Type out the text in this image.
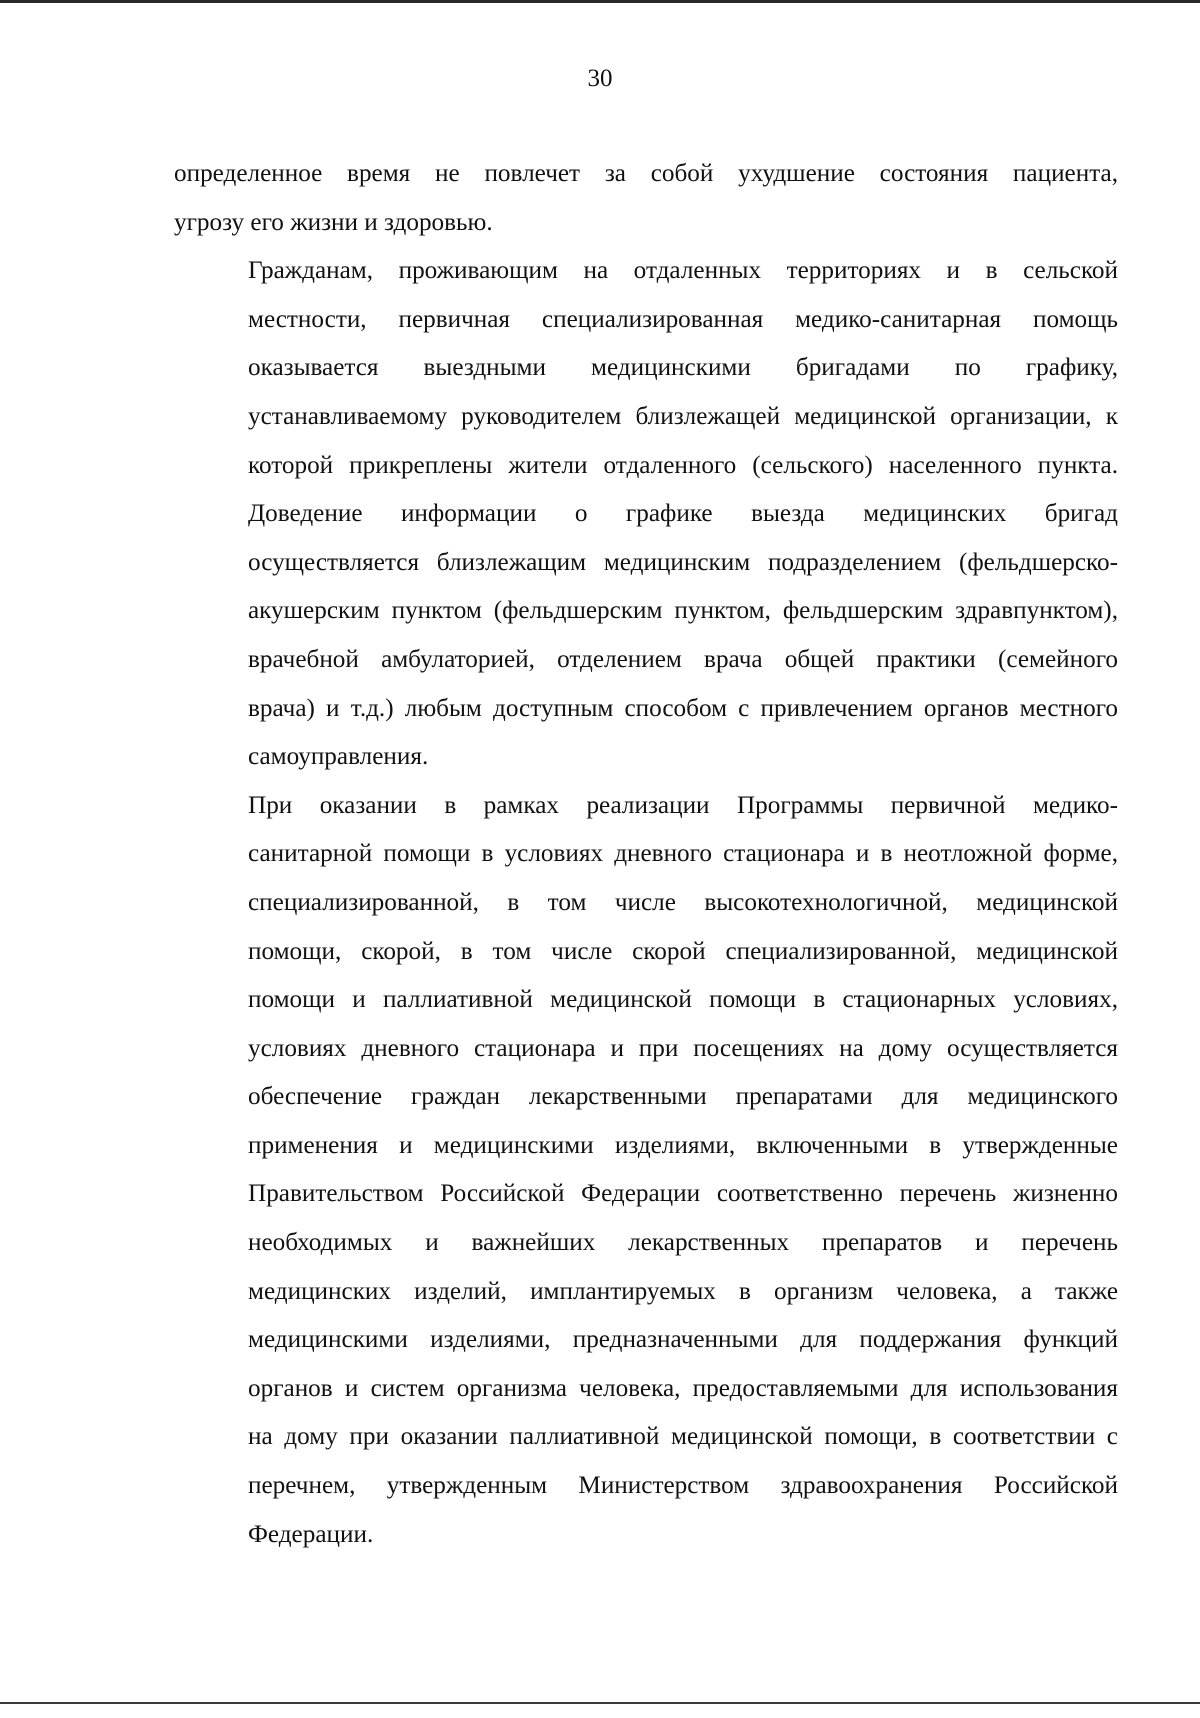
30

определенное время не повлечет за собой ухудшение состояния пациента,
угрозу его жизни и здоровью.

Гражданам, проживающим на отдаленных территориях и в сельской
местности, первичная специализированная медико-санитарная помощь
оказывается выездными медицинскими бригадами по графику,
устанавливаемому руководителем близлежащей медицинской организации, к
которой прикреплены жители отдаленного (сельского) населенного пункта.
Доведение информации о графике выезда медицинских бригад
осуществляется близлежащим медицинским подразделением (фельдшерско-
акушерским пунктом (фельдшерским пунктом, фельдшерским здравпунктом),
врачебной амбулаторией, отделением врача общей практики (семейного
врача) и т.д.) любым доступным способом с привлечением органов местного
самоуправления.

При оказании в рамках реализации Программы первичной медико-
санитарной помощи в условиях дневного стационара и в неотложной форме,
специализированной, в том числе высокотехнологичной, медицинской
помощи, скорой, в том числе скорой специализированной, медицинской
помощи и паллиативной медицинской помощи в стационарных условиях,
условиях дневного стационара и при посещениях на дому осуществляется
обеспечение граждан лекарственными препаратами для медицинского
применения и медицинскими изделиями, включенными в утвержденные
Правительством Российской Федерации соответственно перечень жизненно
необходимых и важнейших лекарственных препаратов и перечень
медицинских изделий, имплантируемых в организм человека, а также
медицинскими изделиями, предназначенными для поддержания функций
органов и систем организма человека, предоставляемыми для использования
на дому при оказании паллиативной медицинской помощи, в соответствии с
перечнем, утвержденным Министерством здравоохранения Российской
Федерации.
